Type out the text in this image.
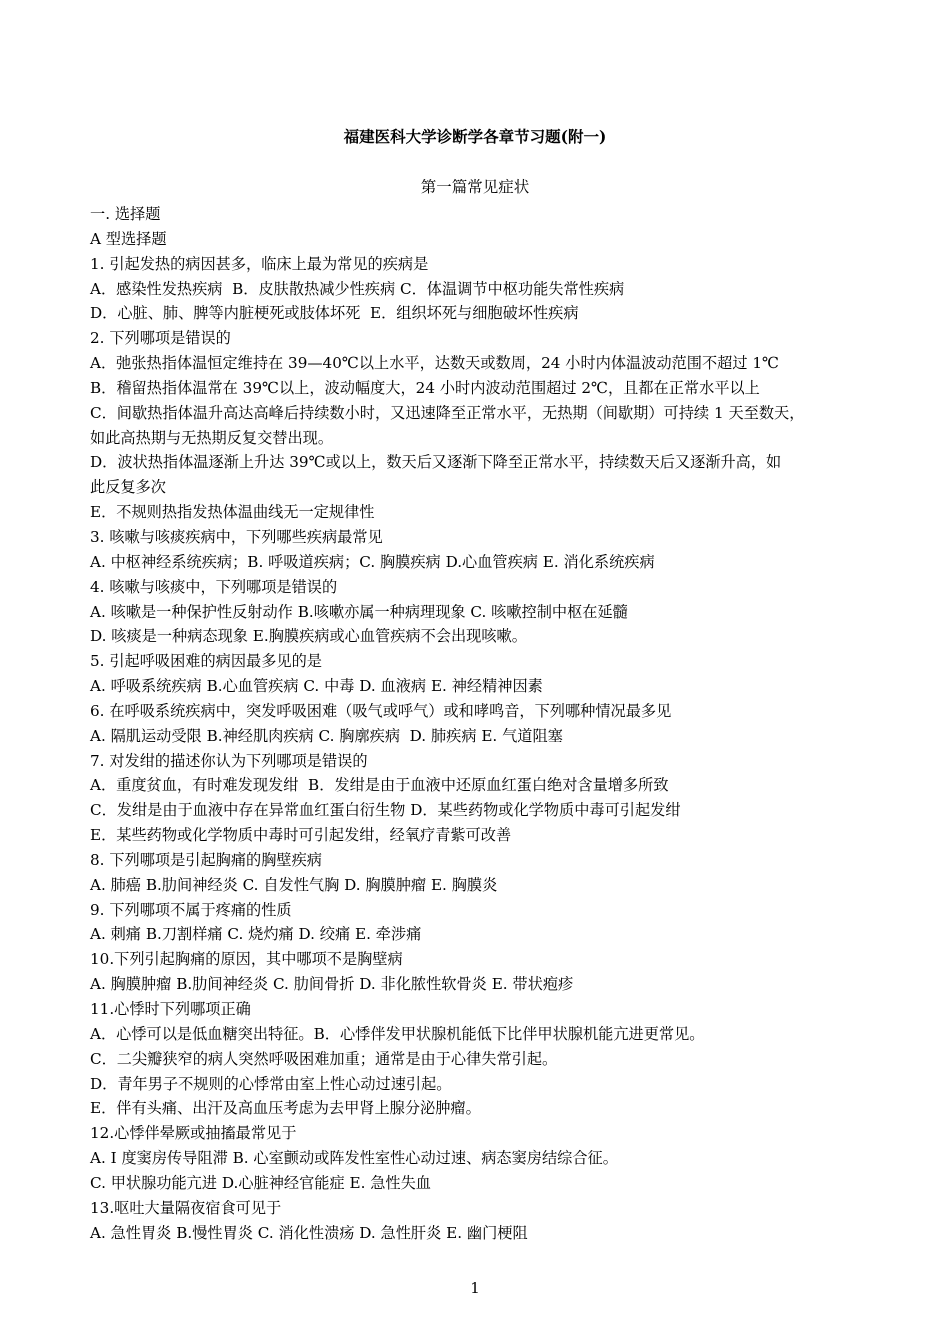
福建医科大学诊断学各章节习题(附一)
第一篇常见症状

一. 选择题

A 型选择题

1. 引起发热的病因甚多，临床上最为常见的疾病是

A．感染性发热疾病  B．皮肤散热减少性疾病 C．体温调节中枢功能失常性疾病

D．心脏、肺、脾等内脏梗死或肢体坏死  E．组织坏死与细胞破坏性疾病

2. 下列哪项是错误的

A．弛张热指体温恒定维持在 39—40℃以上水平，达数天或数周，24 小时内体温波动范围不超过 1℃

B．稽留热指体温常在 39℃以上，波动幅度大，24 小时内波动范围超过 2℃，且都在正常水平以上

C．间歇热指体温升高达高峰后持续数小时，又迅速降至正常水平，无热期（间歇期）可持续 1 天至数天，

如此高热期与无热期反复交替出现。

D．波状热指体温逐渐上升达 39℃或以上，数天后又逐渐下降至正常水平，持续数天后又逐渐升高，如

此反复多次

E．不规则热指发热体温曲线无一定规律性

3. 咳嗽与咳痰疾病中，下列哪些疾病最常见

A. 中枢神经系统疾病；B. 呼吸道疾病；C. 胸膜疾病 D.心血管疾病 E. 消化系统疾病

4. 咳嗽与咳痰中，下列哪项是错误的

A. 咳嗽是一种保护性反射动作 B.咳嗽亦属一种病理现象 C. 咳嗽控制中枢在延髓

D. 咳痰是一种病态现象 E.胸膜疾病或心血管疾病不会出现咳嗽。

5. 引起呼吸困难的病因最多见的是

A. 呼吸系统疾病 B.心血管疾病 C. 中毒 D. 血液病 E. 神经精神因素

6. 在呼吸系统疾病中，突发呼吸困难（吸气或呼气）或和哮鸣音，下列哪种情况最多见

A. 隔肌运动受限 B.神经肌肉疾病 C. 胸廓疾病  D. 肺疾病 E. 气道阻塞

7. 对发绀的描述你认为下列哪项是错误的

A．重度贫血，有时难发现发绀  B．发绀是由于血液中还原血红蛋白绝对含量增多所致

C．发绀是由于血液中存在异常血红蛋白衍生物 D．某些药物或化学物质中毒可引起发绀

E．某些药物或化学物质中毒时可引起发绀，经氧疗青紫可改善

8. 下列哪项是引起胸痛的胸壁疾病

A. 肺癌 B.肋间神经炎 C. 自发性气胸 D. 胸膜肿瘤 E. 胸膜炎

9. 下列哪项不属于疼痛的性质

A. 刺痛 B.刀割样痛 C. 烧灼痛 D. 绞痛 E. 牵涉痛

10.下列引起胸痛的原因，其中哪项不是胸壁病

A. 胸膜肿瘤 B.肋间神经炎 C. 肋间骨折 D. 非化脓性软骨炎 E. 带状疱疹

11.心悸时下列哪项正确

A．心悸可以是低血糖突出特征。B．心悸伴发甲状腺机能低下比伴甲状腺机能亢进更常见。

C．二尖瓣狭窄的病人突然呼吸困难加重；通常是由于心律失常引起。

D．青年男子不规则的心悸常由室上性心动过速引起。

E．伴有头痛、出汗及高血压考虑为去甲肾上腺分泌肿瘤。

12.心悸伴晕厥或抽搐最常见于

A. I 度窦房传导阻滞 B. 心室颤动或阵发性室性心动过速、病态窦房结综合征。

C. 甲状腺功能亢进 D.心脏神经官能症 E. 急性失血

13.呕吐大量隔夜宿食可见于

A. 急性胃炎 B.慢性胃炎 C. 消化性溃疡 D. 急性肝炎 E. 幽门梗阻

1
